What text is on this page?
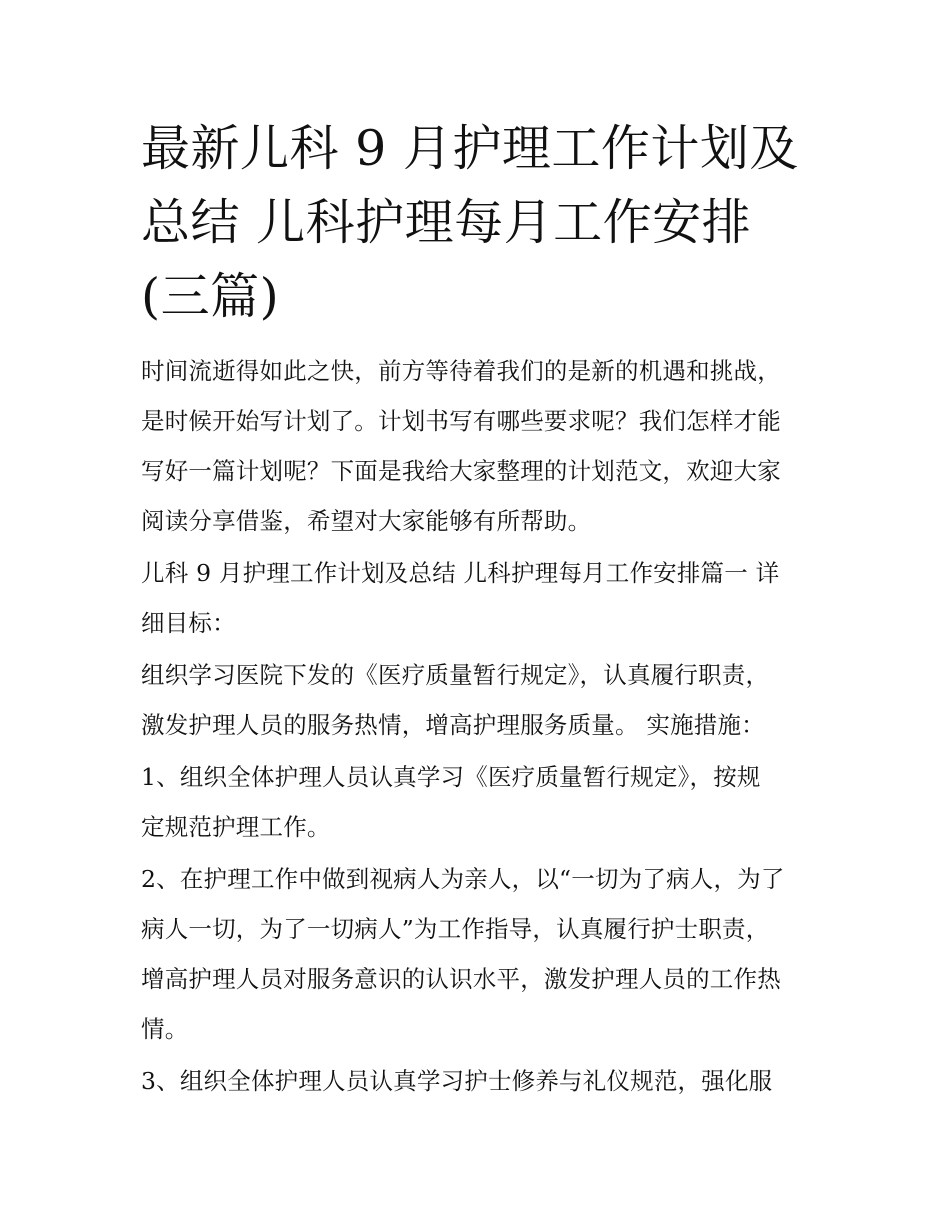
最新儿科 9 月护理工作计划及
总结 儿科护理每月工作安排
(三篇)
时间流逝得如此之快，前方等待着我们的是新的机遇和挑战，
是时候开始写计划了。计划书写有哪些要求呢？我们怎样才能
写好一篇计划呢？下面是我给大家整理的计划范文，欢迎大家
阅读分享借鉴，希望对大家能够有所帮助。
儿科 9 月护理工作计划及总结 儿科护理每月工作安排篇一 详
细目标：
组织学习医院下发的《医疗质量暂行规定》，认真履行职责，
激发护理人员的服务热情，增高护理服务质量。 实施措施：
1、组织全体护理人员认真学习《医疗质量暂行规定》，按规
定规范护理工作。
2、在护理工作中做到视病人为亲人，以“一切为了病人，为了
病人一切，为了一切病人”为工作指导，认真履行护士职责，
增高护理人员对服务意识的认识水平，激发护理人员的工作热
情。
3、组织全体护理人员认真学习护士修养与礼仪规范，强化服
